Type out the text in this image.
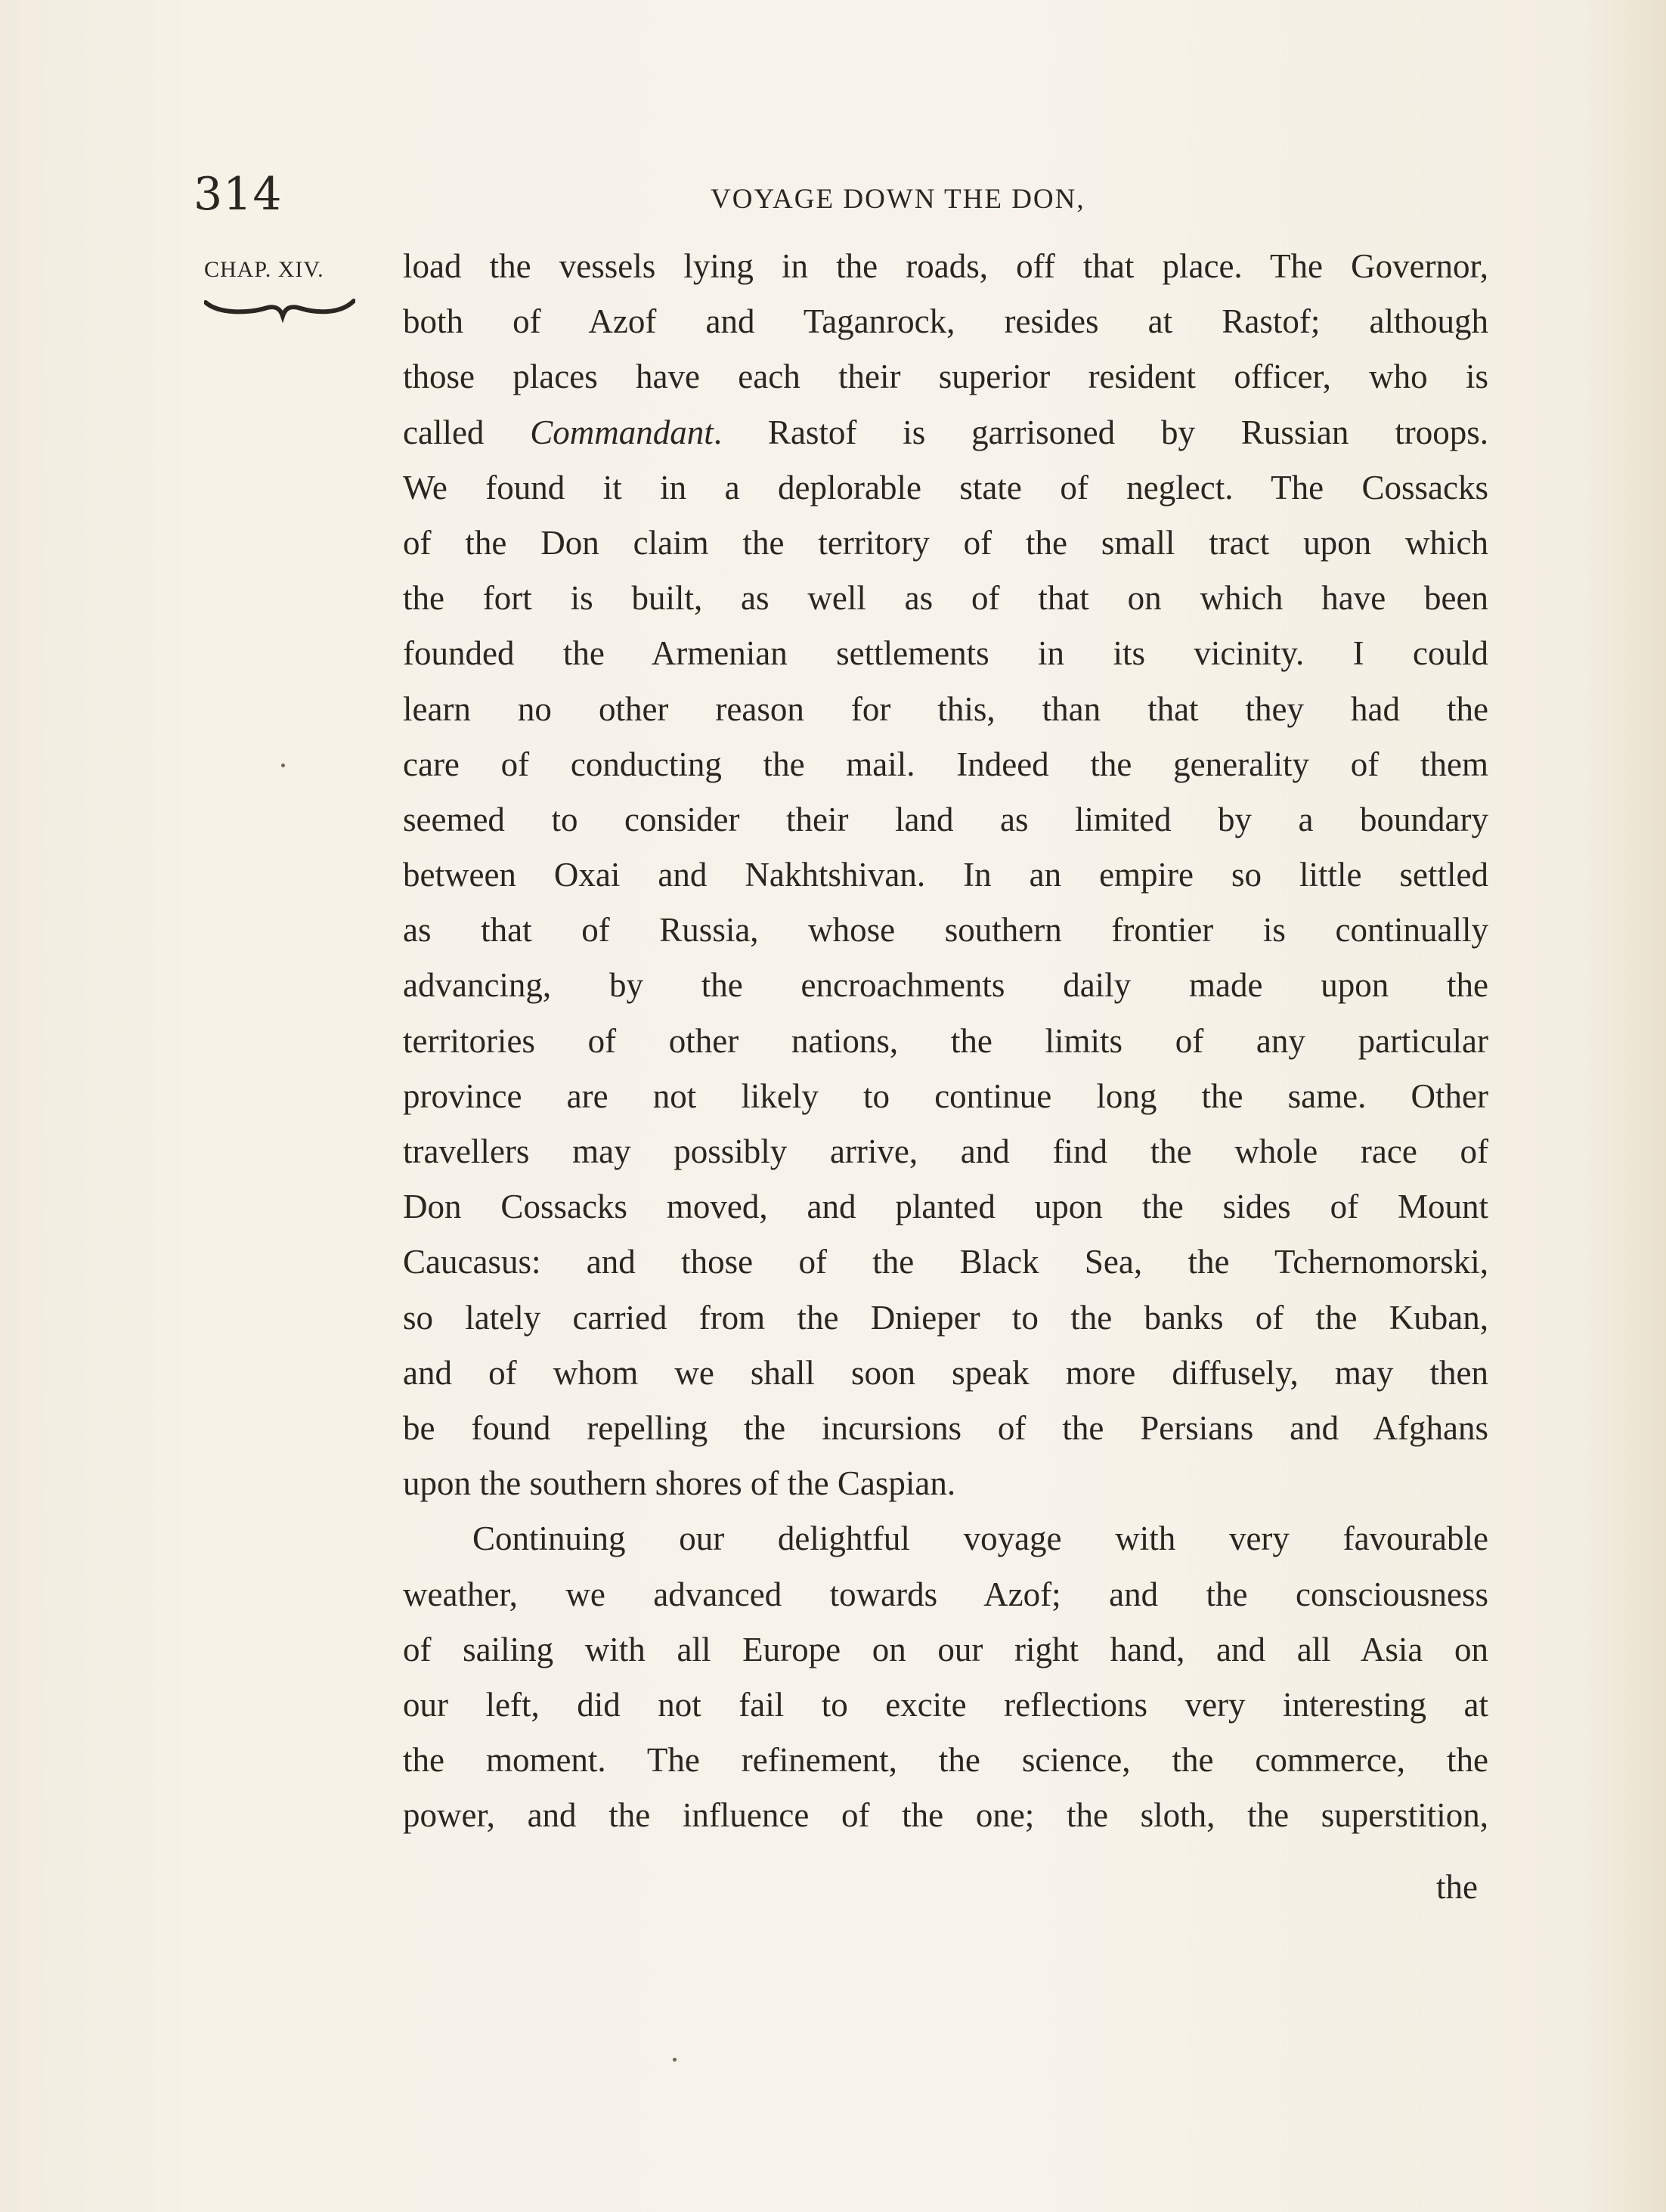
314	VOYAGE DOWN THE DON,
CHAP. XIV. load the vessels lying in the roads, off that place. The Governor,
both of Azof and Taganrock, resides at Rastof; although
those places have each their superior resident officer, who is
called Commandant. Rastof is garrisoned by Russian troops.
We found it in a deplorable state of neglect. The Cossacks
of the Don claim the territory of the small tract upon which
the fort is built, as well as of that on which have been
founded the Armenian settlements in its vicinity. I could
learn no other reason for this, than that they had the
care of conducting the mail. Indeed the generality of them
seemed to consider their land as limited by a boundary
between Oxai and Nakhtshivan. In an empire so little settled
as that of Russia, whose southern frontier is continually
advancing, by the encroachments daily made upon the
territories of other nations, the limits of any particular
province are not likely to continue long the same. Other
travellers may possibly arrive, and find the whole race of
Don Cossacks moved, and planted upon the sides of Mount
Caucasus: and those of the Black Sea, the Tchernomorski,
so lately carried from the Dnieper to the banks of the Kuban,
and of whom we shall soon speak more diffusely, may then
be found repelling the incursions of the Persians and Afghans
upon the southern shores of the Caspian.
Continuing our delightful voyage with very favourable
weather, we advanced towards Azof; and the consciousness
of sailing with all Europe on our right hand, and all Asia on
our left, did not fail to excite reflections very interesting at
the moment. The refinement, the science, the commerce, the
power, and the influence of the one; the sloth, the superstition,
the
